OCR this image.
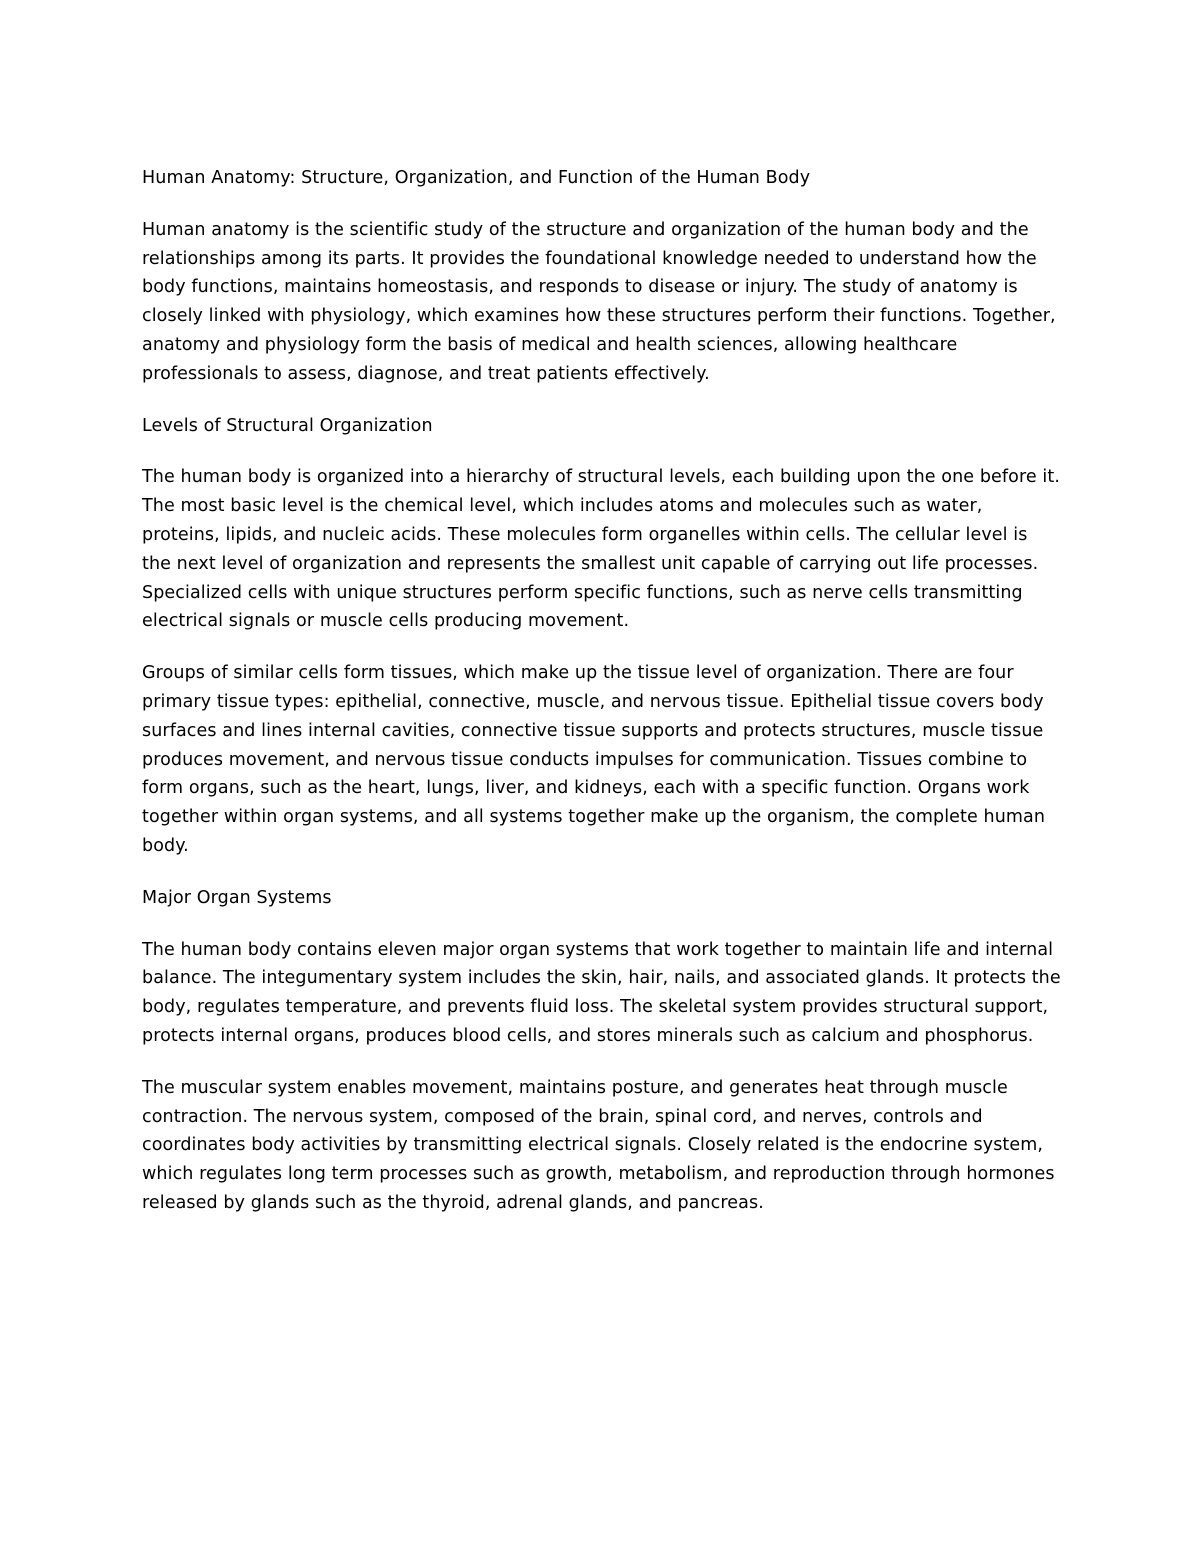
Human Anatomy: Structure, Organization, and Function of the Human Body

Human anatomy is the scientific study of the structure and organization of the human body and the relationships among its parts. It provides the foundational knowledge needed to understand how the body functions, maintains homeostasis, and responds to disease or injury. The study of anatomy is closely linked with physiology, which examines how these structures perform their functions. Together, anatomy and physiology form the basis of medical and health sciences, allowing healthcare professionals to assess, diagnose, and treat patients effectively.

Levels of Structural Organization

The human body is organized into a hierarchy of structural levels, each building upon the one before it. The most basic level is the chemical level, which includes atoms and molecules such as water, proteins, lipids, and nucleic acids. These molecules form organelles within cells. The cellular level is the next level of organization and represents the smallest unit capable of carrying out life processes. Specialized cells with unique structures perform specific functions, such as nerve cells transmitting electrical signals or muscle cells producing movement.

Groups of similar cells form tissues, which make up the tissue level of organization. There are four primary tissue types: epithelial, connective, muscle, and nervous tissue. Epithelial tissue covers body surfaces and lines internal cavities, connective tissue supports and protects structures, muscle tissue produces movement, and nervous tissue conducts impulses for communication. Tissues combine to form organs, such as the heart, lungs, liver, and kidneys, each with a specific function. Organs work together within organ systems, and all systems together make up the organism, the complete human body.

Major Organ Systems

The human body contains eleven major organ systems that work together to maintain life and internal balance. The integumentary system includes the skin, hair, nails, and associated glands. It protects the body, regulates temperature, and prevents fluid loss. The skeletal system provides structural support, protects internal organs, produces blood cells, and stores minerals such as calcium and phosphorus.

The muscular system enables movement, maintains posture, and generates heat through muscle contraction. The nervous system, composed of the brain, spinal cord, and nerves, controls and coordinates body activities by transmitting electrical signals. Closely related is the endocrine system, which regulates long term processes such as growth, metabolism, and reproduction through hormones released by glands such as the thyroid, adrenal glands, and pancreas.
